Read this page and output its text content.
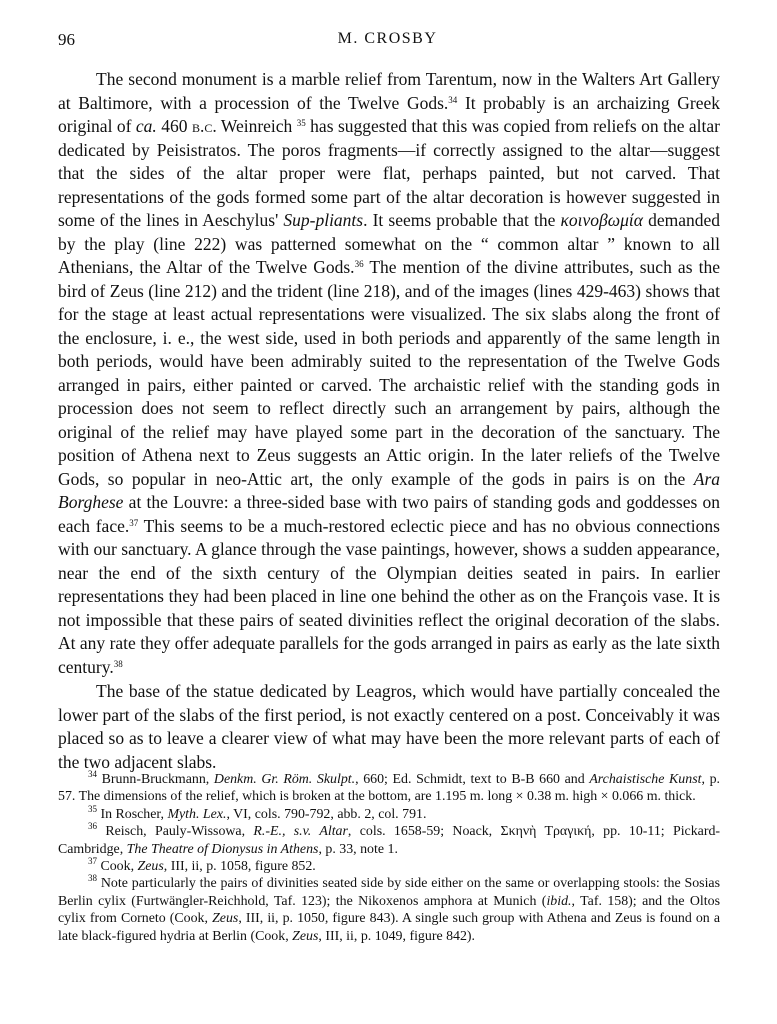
96	M. CROSBY

The second monument is a marble relief from Tarentum, now in the Walters Art Gallery at Baltimore, with a procession of the Twelve Gods.$^{34}$ It probably is an archaizing Greek original of ca. 460 b.c. Weinreich $^{35}$ has suggested that this was copied from reliefs on the altar dedicated by Peisistratos. The poros fragments—if correctly assigned to the altar—suggest that the sides of the altar proper were flat, perhaps painted, but not carved. That representations of the gods formed some part of the altar decoration is however suggested in some of the lines in Aeschylus' Sup-pliants. It seems probable that the κοινοβωμία demanded by the play (line 222) was patterned somewhat on the “ common altar ” known to all Athenians, the Altar of the Twelve Gods.$^{36}$ The mention of the divine attributes, such as the bird of Zeus (line 212) and the trident (line 218), and of the images (lines 429-463) shows that for the stage at least actual representations were visualized. The six slabs along the front of the enclosure, i. e., the west side, used in both periods and apparently of the same length in both periods, would have been admirably suited to the representation of the Twelve Gods arranged in pairs, either painted or carved. The archaistic relief with the standing gods in procession does not seem to reflect directly such an arrangement by pairs, although the original of the relief may have played some part in the decoration of the sanctuary. The position of Athena next to Zeus suggests an Attic origin. In the later reliefs of the Twelve Gods, so popular in neo-Attic art, the only example of the gods in pairs is on the Ara Borghese at the Louvre: a three-sided base with two pairs of standing gods and goddesses on each face.$^{37}$ This seems to be a much-restored eclectic piece and has no obvious connections with our sanctuary. A glance through the vase paintings, however, shows a sudden appearance, near the end of the sixth century of the Olympian deities seated in pairs. In earlier representations they had been placed in line one behind the other as on the François vase. It is not impossible that these pairs of seated divinities reflect the original decoration of the slabs. At any rate they offer adequate parallels for the gods arranged in pairs as early as the late sixth century.$^{38}$

The base of the statue dedicated by Leagros, which would have partially concealed the lower part of the slabs of the first period, is not exactly centered on a post. Conceivably it was placed so as to leave a clearer view of what may have been the more relevant parts of each of the two adjacent slabs.

$^{34}$ Brunn-Bruckmann, Denkm. Gr. Röm. Skulpt., 660; Ed. Schmidt, text to B-B 660 and Archaistische Kunst, p. 57. The dimensions of the relief, which is broken at the bottom, are 1.195 m. long × 0.38 m. high × 0.066 m. thick.

$^{35}$ In Roscher, Myth. Lex., VI, cols. 790-792, abb. 2, col. 791.

$^{36}$ Reisch, Pauly-Wissowa, R.-E., s.v. Altar, cols. 1658-59; Noack, Σκηνὴ Τραγική, pp. 10-11; Pickard-Cambridge, The Theatre of Dionysus in Athens, p. 33, note 1.

$^{37}$ Cook, Zeus, III, ii, p. 1058, figure 852.

$^{38}$ Note particularly the pairs of divinities seated side by side either on the same or overlapping stools: the Sosias Berlin cylix (Furtwängler-Reichhold, Taf. 123); the Nikoxenos amphora at Munich (ibid., Taf. 158); and the Oltos cylix from Corneto (Cook, Zeus, III, ii, p. 1050, figure 843). A single such group with Athena and Zeus is found on a late black-figured hydria at Berlin (Cook, Zeus, III, ii, p. 1049, figure 842).
